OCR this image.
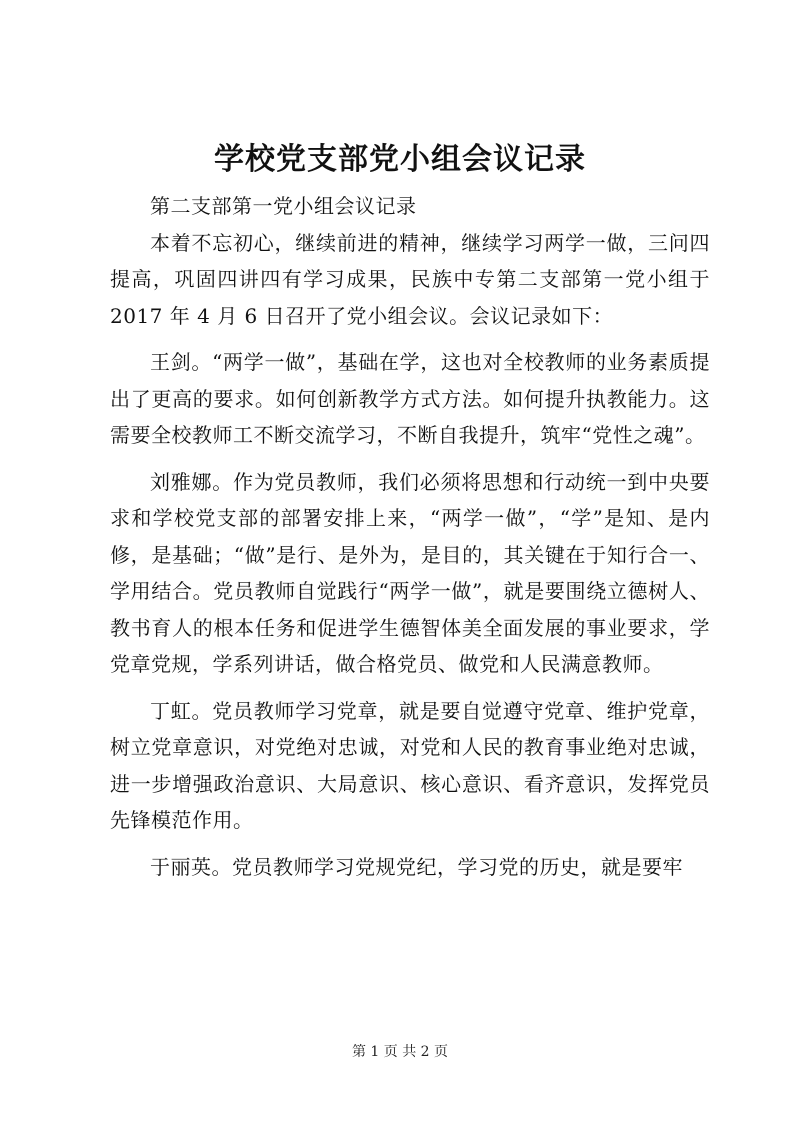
学校党支部党小组会议记录

第二支部第一党小组会议记录

本着不忘初心，继续前进的精神，继续学习两学一做，三问四提高，巩固四讲四有学习成果，民族中专第二支部第一党小组于 2017 年 4 月 6 日召开了党小组会议。会议记录如下：

王剑。“两学一做”，基础在学，这也对全校教师的业务素质提出了更高的要求。如何创新教学方式方法。如何提升执教能力。这需要全校教师工不断交流学习，不断自我提升，筑牢“党性之魂”。

刘雅娜。作为党员教师，我们必须将思想和行动统一到中央要求和学校党支部的部署安排上来，“两学一做”，“学”是知、是内修，是基础；“做”是行、是外为，是目的，其关键在于知行合一、学用结合。党员教师自觉践行“两学一做”，就是要围绕立德树人、教书育人的根本任务和促进学生德智体美全面发展的事业要求，学党章党规，学系列讲话，做合格党员、做党和人民满意教师。

丁虹。党员教师学习党章，就是要自觉遵守党章、维护党章，树立党章意识，对党绝对忠诚，对党和人民的教育事业绝对忠诚，进一步增强政治意识、大局意识、核心意识、看齐意识，发挥党员先锋模范作用。

于丽英。党员教师学习党规党纪，学习党的历史，就是要牢

第 1 页 共 2 页
